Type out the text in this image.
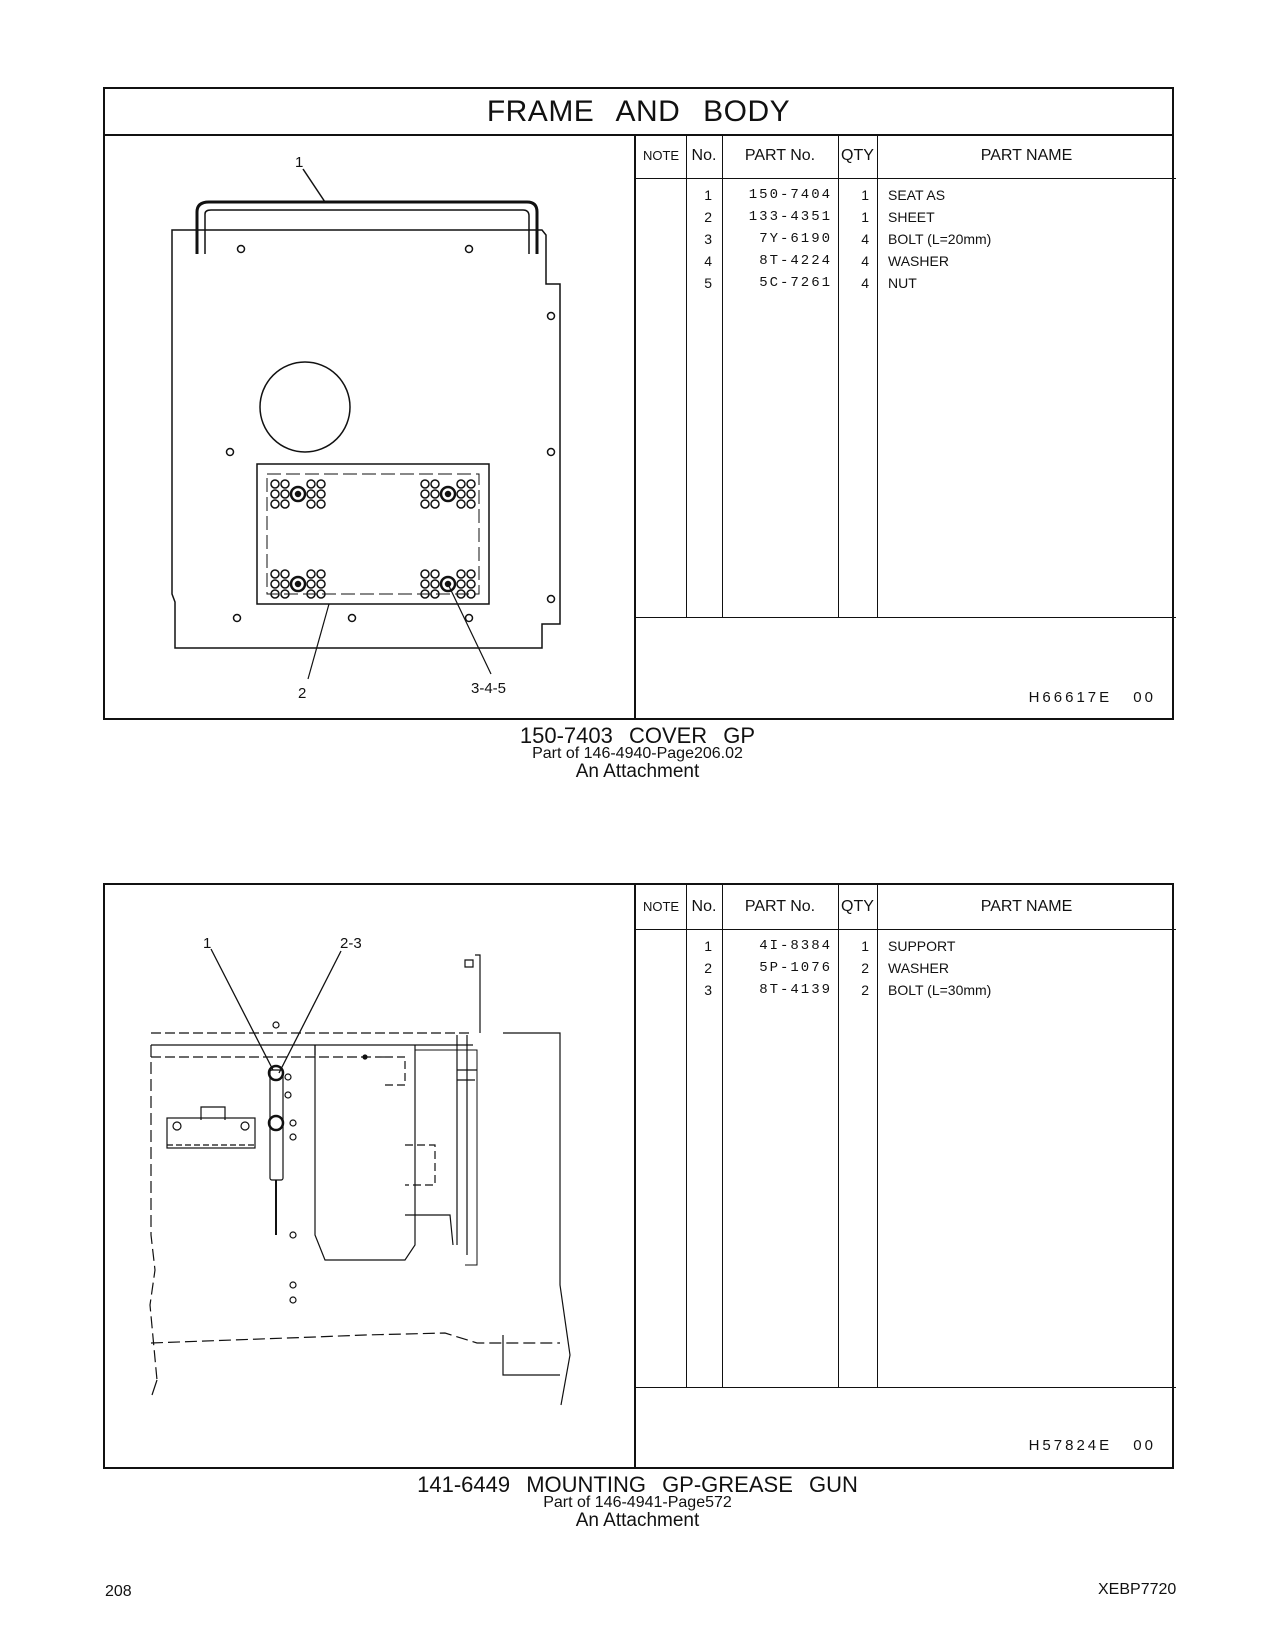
FRAME AND BODY
1
2	3-4-5
NOTE No.	PART No.	QTY	PART NAME
1	150-7404	1 SEAT AS
2	133-4351	1 SHEET
3	7Y-6190	4 BOLT (L=20mm)
4	8T-4224	4 WASHER
5	5C-7261	4 NUT
H66617E 00
150-7403 COVER GP
Part of 146-4940-Page206.02
An Attachment
1	2-3
NOTE No.	PART No.	QTY	PART NAME
1	4I-8384	1 SUPPORT
2	5P-1076	2 WASHER
3	8T-4139	2 BOLT (L=30mm)
H57824E 00
141-6449 MOUNTING GP-GREASE GUN
Part of 146-4941-Page572
An Attachment
208	XEBP7720
